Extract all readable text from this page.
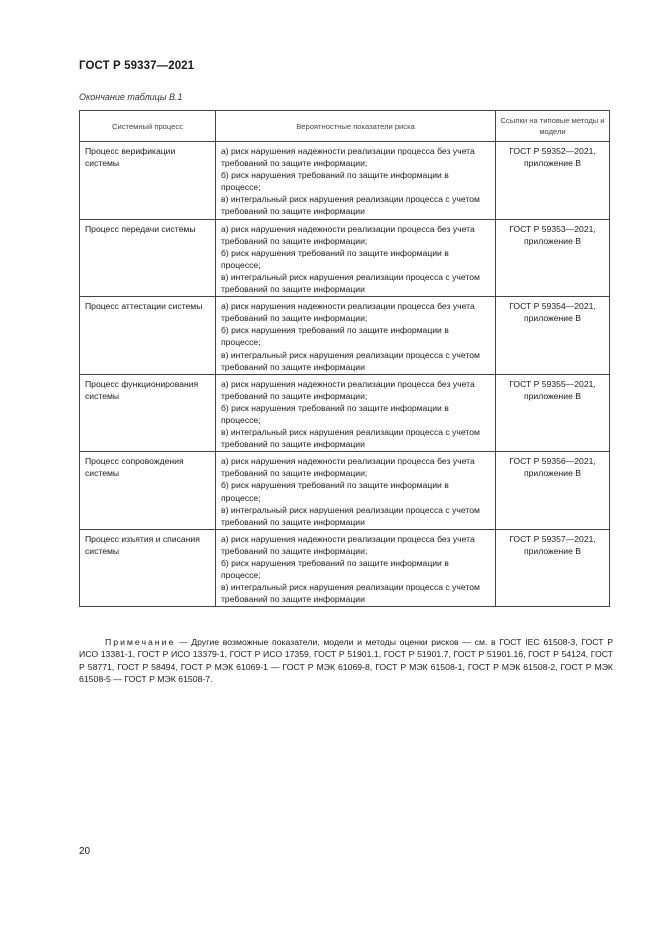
ГОСТ Р 59337—2021
Окончание таблицы В.1
Системный процесс	Вероятностные показатели риска	Ссылки на типовые методы и модели
Процесс верификации системы	а) риск нарушения надежности реализации процесса без учета требований по защите информации;
б) риск нарушения требований по защите информации в процессе;
в) интегральный риск нарушения реализации процесса с учетом требований по защите информации	ГОСТ Р 59352—2021, приложение В
Процесс передачи системы	а) риск нарушения надежности реализации процесса без учета требований по защите информации;
б) риск нарушения требований по защите информации в процессе;
в) интегральный риск нарушения реализации процесса с учетом требований по защите информации	ГОСТ Р 59353—2021, приложение В
Процесс аттестации системы	а) риск нарушения надежности реализации процесса без учета требований по защите информации;
б) риск нарушения требований по защите информации в процессе;
в) интегральный риск нарушения реализации процесса с учетом требований по защите информации	ГОСТ Р 59354—2021, приложение В
Процесс функционирования системы	а) риск нарушения надежности реализации процесса без учета требований по защите информации;
б) риск нарушения требований по защите информации в процессе;
в) интегральный риск нарушения реализации процесса с учетом требований по защите информации	ГОСТ Р 59355—2021, приложение В
Процесс сопровождения системы	а) риск нарушения надежности реализации процесса без учета требований по защите информации;
б) риск нарушения требований по защите информации в процессе;
в) интегральный риск нарушения реализации процесса с учетом требований по защите информации	ГОСТ Р 59356—2021, приложение В
Процесс изъятия и списания системы	а) риск нарушения надежности реализации процесса без учета требований по защите информации;
б) риск нарушения требований по защите информации в процессе;
в) интегральный риск нарушения реализации процесса с учетом требований по защите информации	ГОСТ Р 59357—2021, приложение В
Примечание — Другие возможные показатели, модели и методы оценки рисков — см. в ГОСТ IEC 61508-3, ГОСТ Р ИСО 13381-1, ГОСТ Р ИСО 13379-1, ГОСТ Р ИСО 17359, ГОСТ Р 51901.1, ГОСТ Р 51901.7, ГОСТ Р 51901.16, ГОСТ Р 54124, ГОСТ Р 58771, ГОСТ Р 58494, ГОСТ Р МЭК 61069-1 — ГОСТ Р МЭК 61069-8, ГОСТ Р МЭК 61508-1, ГОСТ Р МЭК 61508-2, ГОСТ Р МЭК 61508-5 — ГОСТ Р МЭК 61508-7.
20
